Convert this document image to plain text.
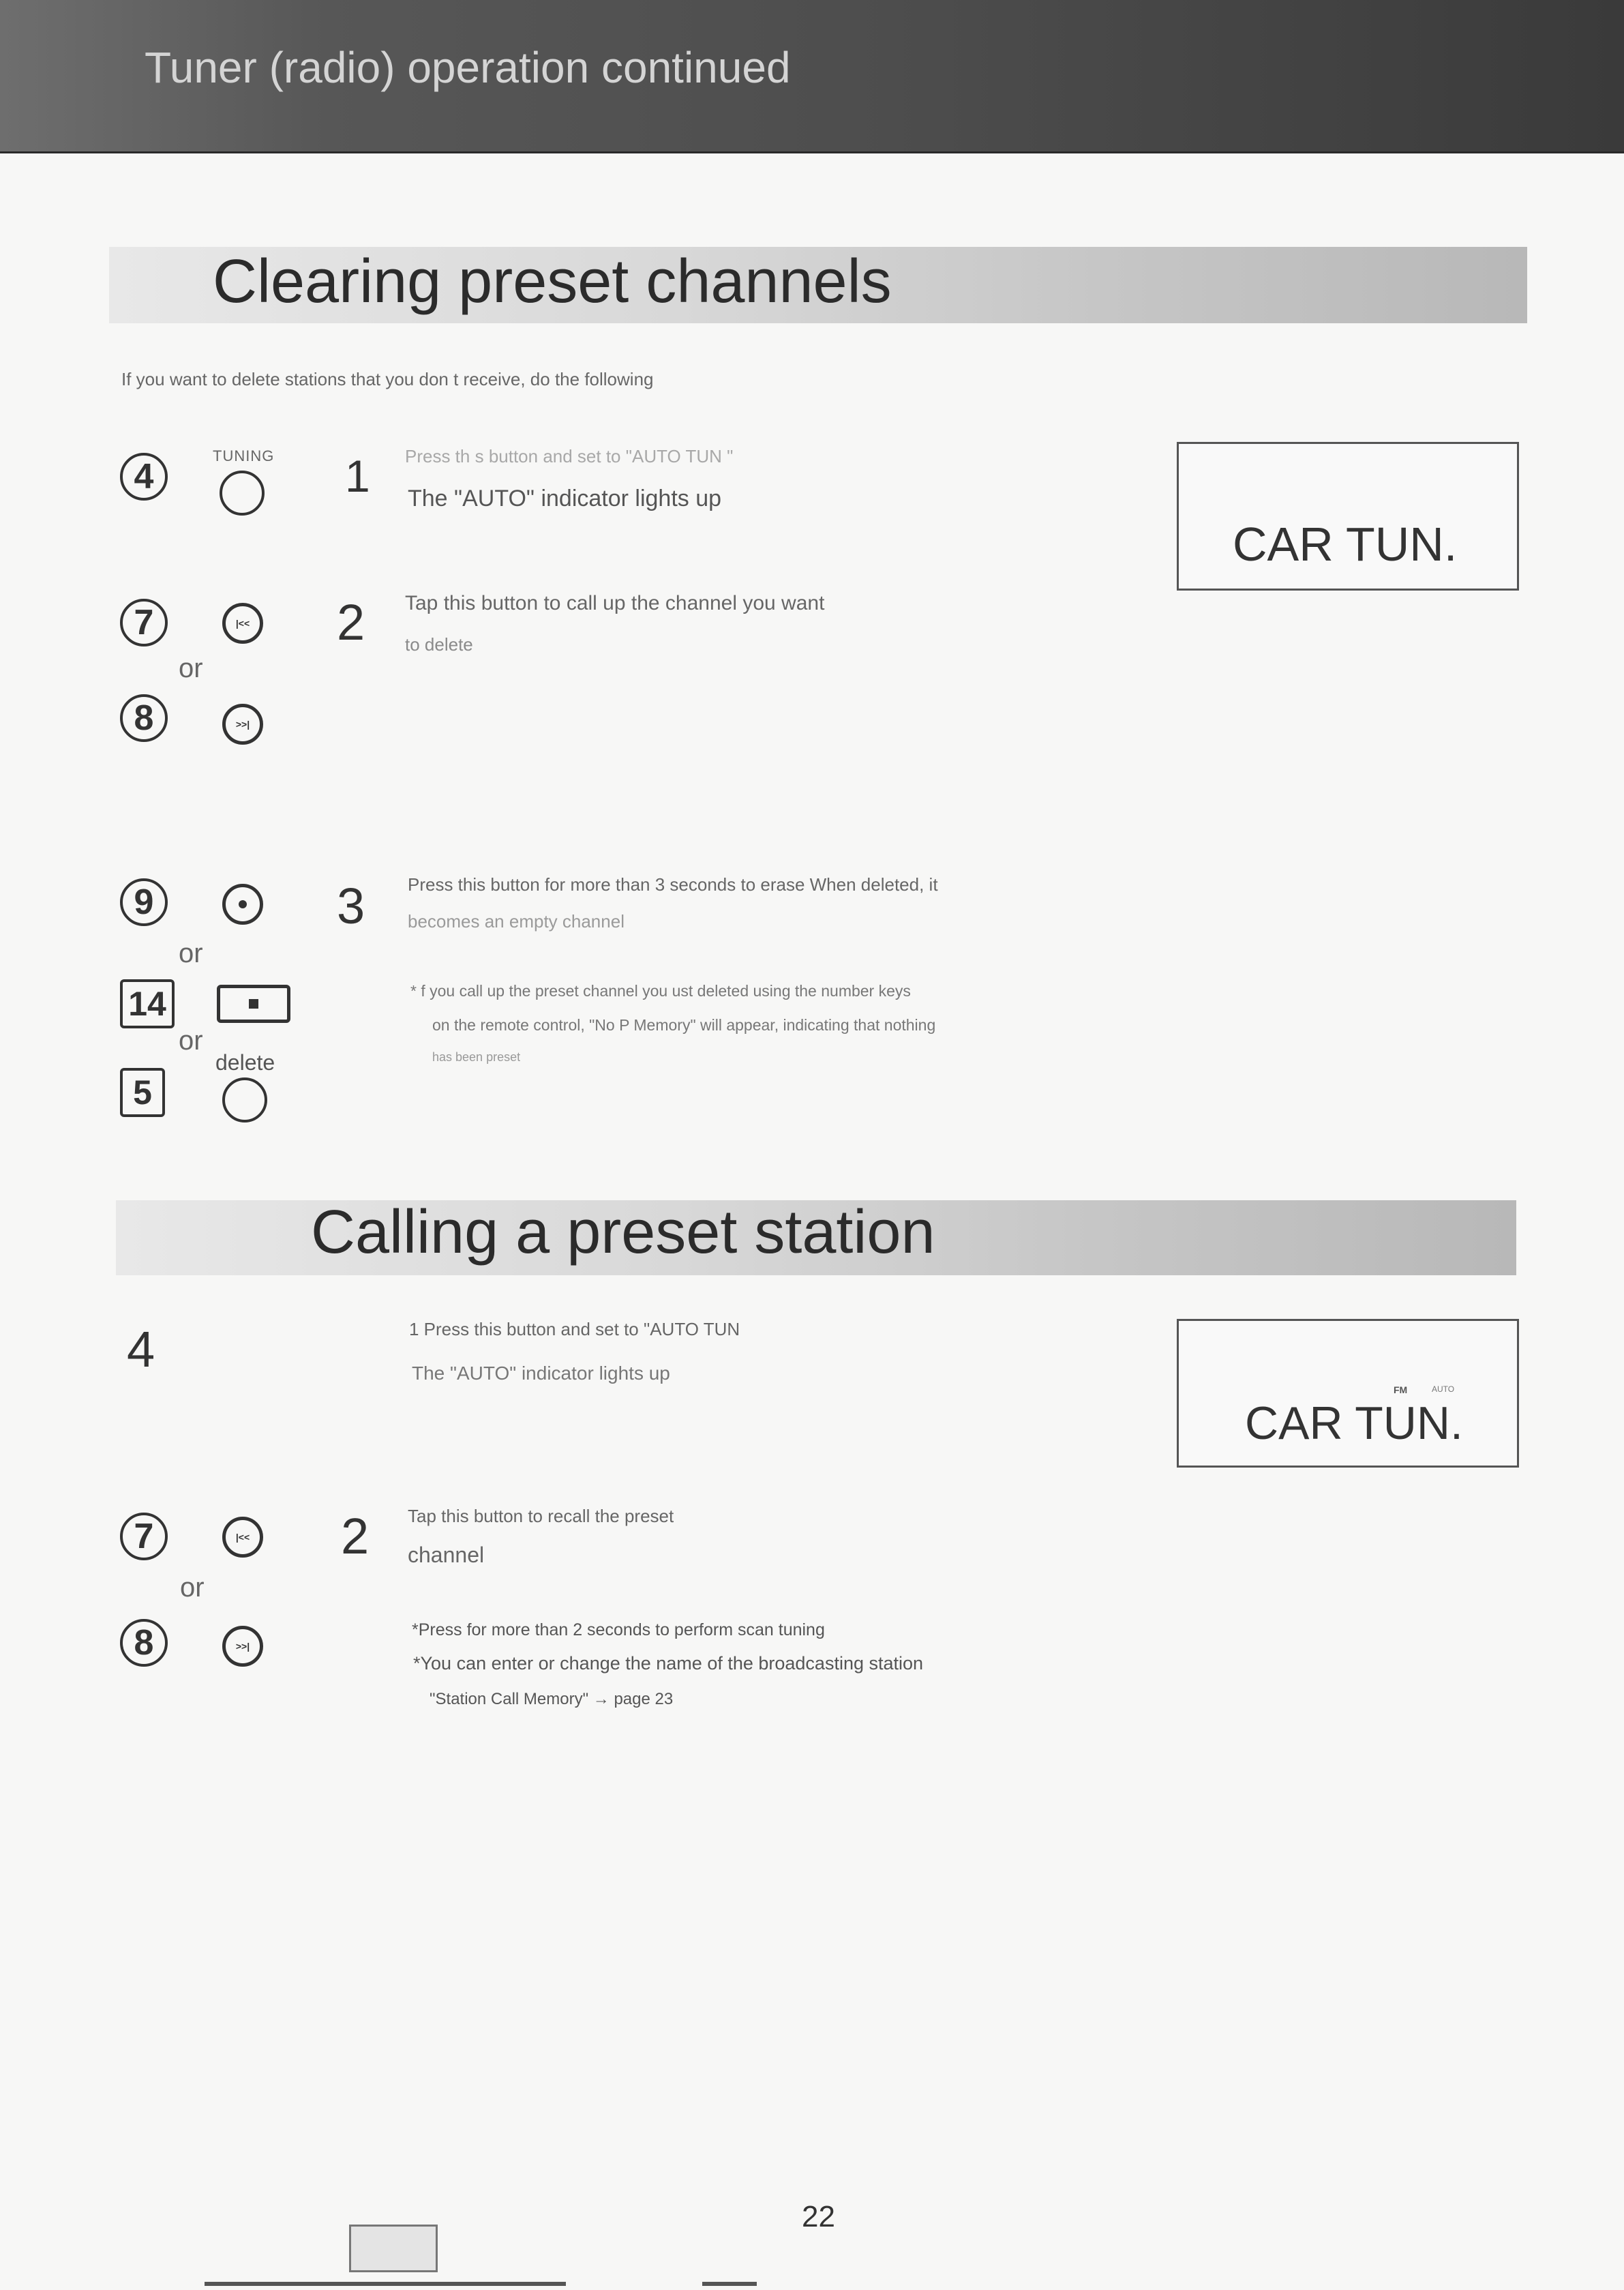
Tuner (radio) operation continued
Clearing preset channels
If you want to delete stations that you don t receive, do the following
4
TUNING 1 Press th s button and set to "AUTO TUN "
The "AUTO" indicator lights up
CAR TUN.
7	|<< 2 Tap this button to call up the channel you want
to delete
or
8	>>|
9	3 Press this button for more than 3 seconds to erase When deleted, it
becomes an empty channel
or
14	* f you call up the preset channel you ust deleted using the number keys
on the remote control, "No P Memory" will appear, indicating that nothing
has been preset
or
delete
5
Calling a preset station
4	1 Press this button and set to "AUTO TUN
The "AUTO" indicator lights up
FM	AUTO
CAR TUN.
7	|<< 2 Tap this button to recall the preset
channel
or
8	>>|
*Press for more than 2 seconds to perform scan tuning
*You can enter or change the name of the broadcasting station
"Station Call Memory" → page 23
22
